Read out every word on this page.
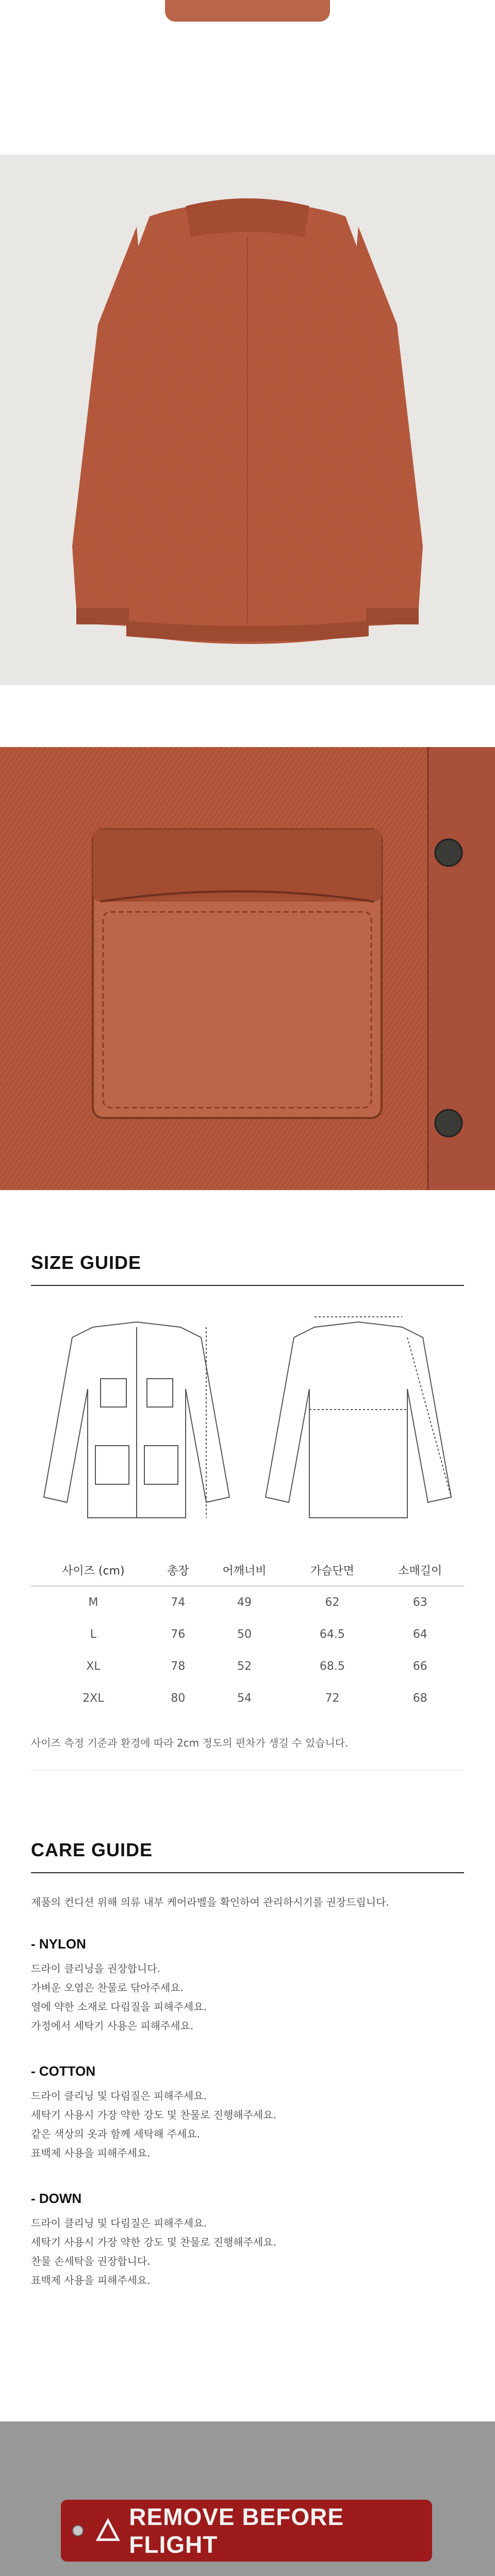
SIZE GUIDE
사이즈 (cm)	총장	어깨너비	가슴단면	소매길이
M	74	49	62	63
L	76	50	64.5	64
XL	78	52	68.5	66
2XL	80	54	72	68
사이즈 측정 기준과 환경에 따라 2cm 정도의 편차가 생길 수 있습니다.
CARE GUIDE

제품의 컨디션 위해 의류 내부 케어라벨을 확인하여 관리하시기를 권장드립니다.

- NYLON
드라이 클리닝을 권장합니다.
가벼운 오염은 찬물로 닦아주세요.
열에 약한 소재로 다림질을 피해주세요.
가정에서 세탁기 사용은 피해주세요.
- COTTON
드라이 클리닝 및 다림질은 피해주세요.
세탁기 사용시 가장 약한 강도 및 찬물로 진행해주세요.
같은 색상의 옷과 함께 세탁해 주세요.
표백제 사용을 피해주세요.
- DOWN
드라이 클리닝 및 다림질은 피해주세요.
세탁기 사용시 가장 약한 강도 및 찬물로 진행해주세요.
찬물 손세탁을 권장합니다.
표백제 사용을 피해주세요.
REMOVE BEFORE FLIGHT
